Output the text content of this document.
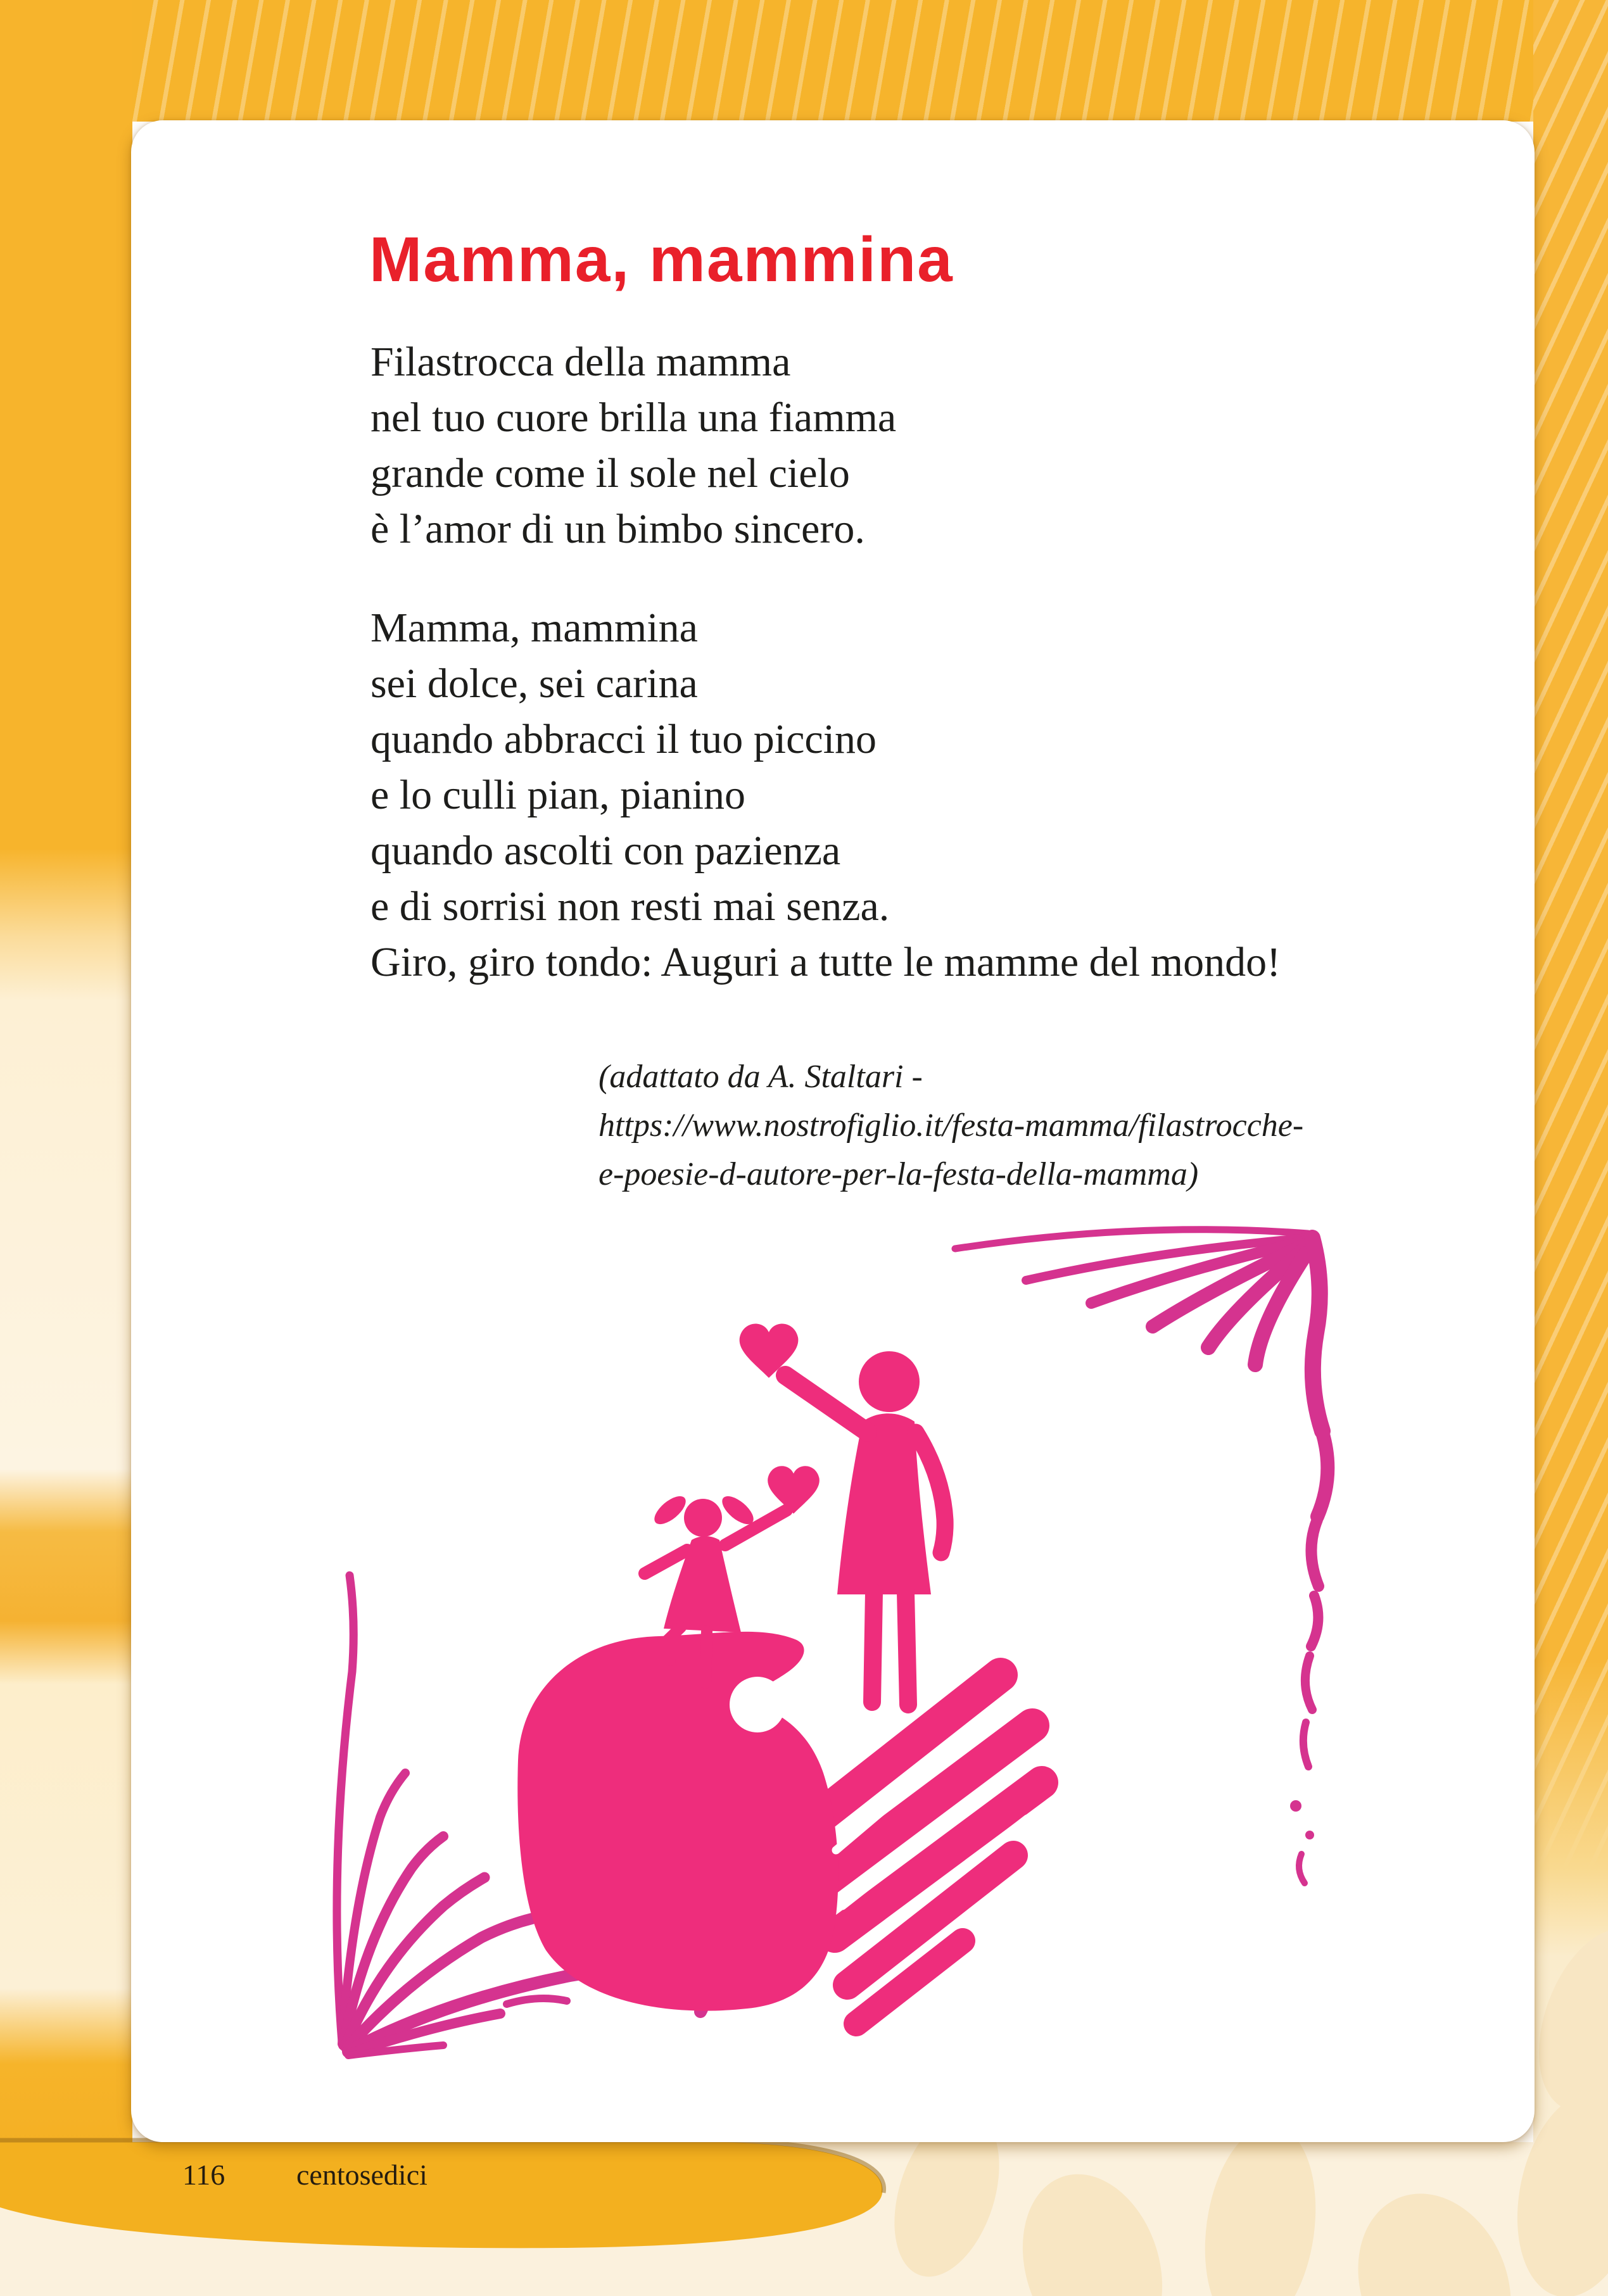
116 centosedici
Mamma, mammina
Filastrocca della mamma
nel tuo cuore brilla una fiamma
grande come il sole nel cielo
è l’amor di un bimbo sincero.
Mamma, mammina
sei dolce, sei carina
quando abbracci il tuo piccino
e lo culli pian, pianino
quando ascolti con pazienza
e di sorrisi non resti mai senza.
Giro, giro tondo: Auguri a tutte le mamme del mondo!
(adattato da A. Staltari -
https://www.nostrofiglio.it/festa-mamma/filastrocche-
e-poesie-d-autore-per-la-festa-della-mamma)
